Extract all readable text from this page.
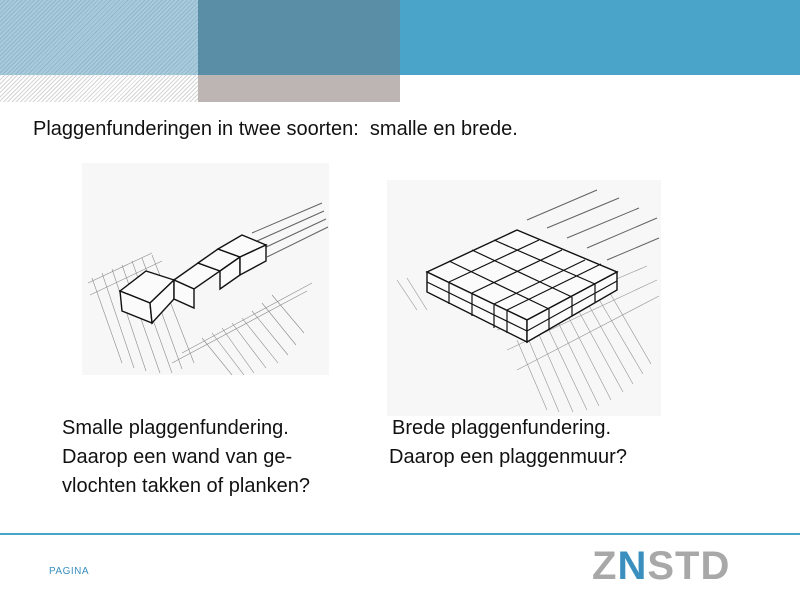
Plaggenfunderingen in twee soorten:  smalle en brede.

Smalle plaggenfundering.
Daarop een wand van ge-
vlochten takken of planken?

Brede plaggenfundering.
Daarop een plaggenmuur?

PAGINA	ZNSTD
